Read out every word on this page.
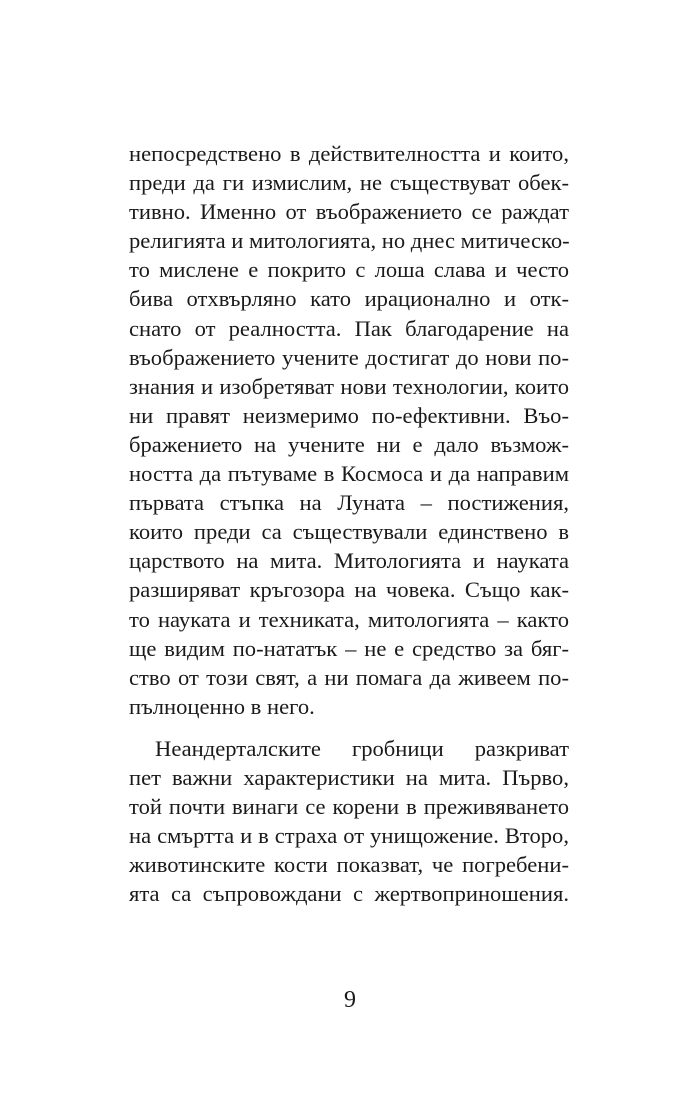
непосредствено в действителността и които,
преди да ги измислим, не съществуват обек-
тивно. Именно от въображението се раждат
религията и митологията, но днес митическо-
то мислене е покрито с лоша слава и често
бива отхвърляно като ирационално и отк-
снато от реалността. Пак благодарение на
въображението учените достигат до нови по-
знания и изобретяват нови технологии, които
ни правят неизмеримо по-ефективни. Въо-
бражението на учените ни е дало възмож-
ността да пътуваме в Космоса и да направим
първата стъпка на Луната – постижения,
които преди са съществували единствено в
царството на мита. Митологията и науката
разширяват кръгозора на човека. Също как-
то науката и техниката, митологията – както
ще видим по-нататък – не е средство за бяг-
ство от този свят, а ни помага да живеем по-
пълноценно в него.
Неандерталските гробници разкриват
пет важни характеристики на мита. Първо,
той почти винаги се корени в преживяването
на смъртта и в страха от унищожение. Второ,
животинските кости показват, че погребени-
ята са съпровождани с жертвоприношения.
9
